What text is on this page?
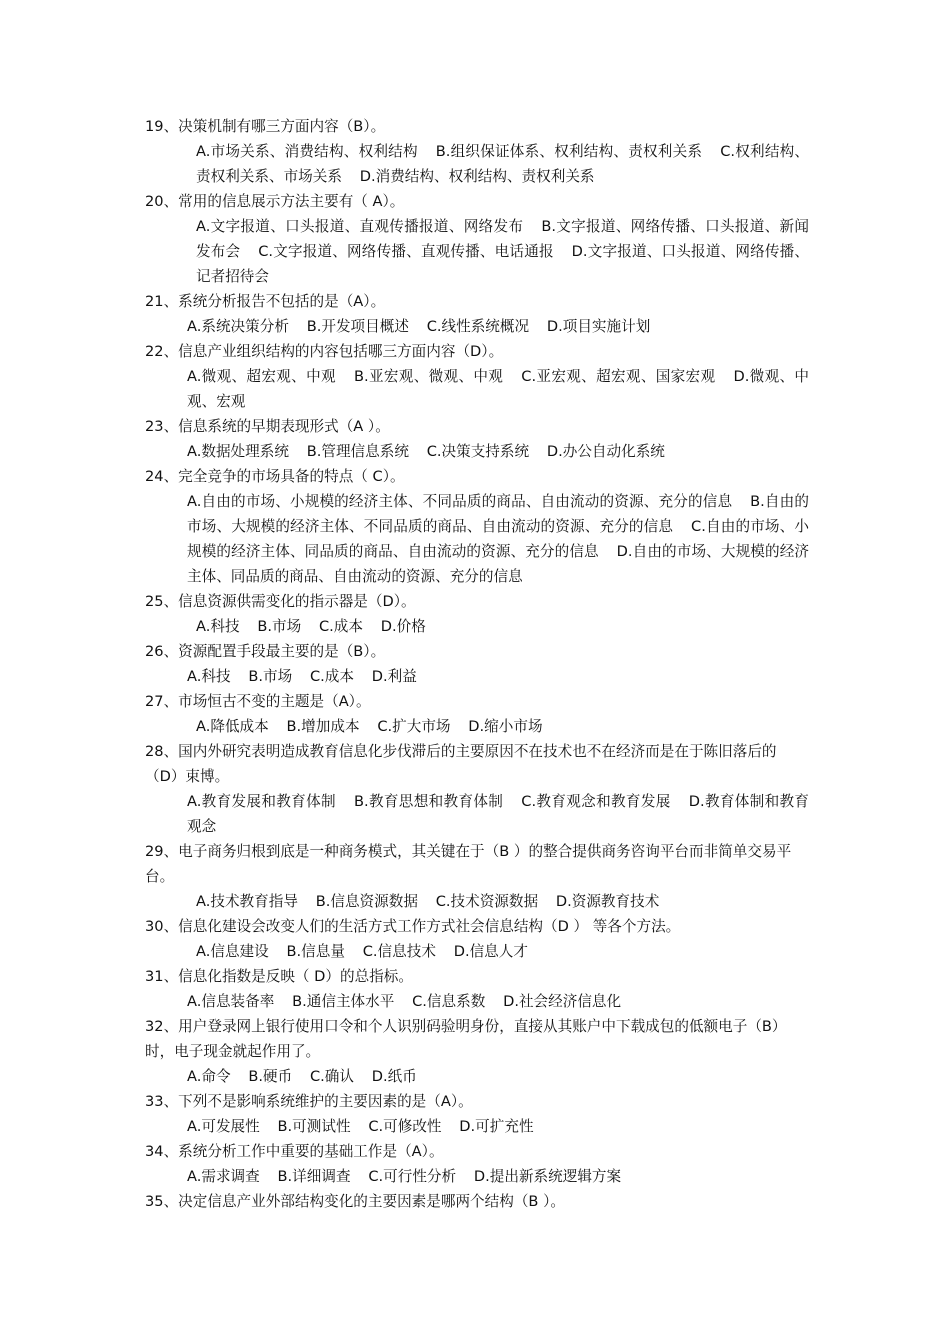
19、决策机制有哪三方面内容（B）。

A.市场关系、消费结构、权利结构 B.组织保证体系、权利结构、责权利关系 C.权利结构、责权利关系、市场关系 D.消费结构、权利结构、责权利关系

20、常用的信息展示方法主要有（ A）。

A.文字报道、口头报道、直观传播报道、网络发布 B.文字报道、网络传播、口头报道、新闻发布会 C.文字报道、网络传播、直观传播、电话通报 D.文字报道、口头报道、网络传播、记者招待会

21、系统分析报告不包括的是（A）。

A.系统决策分析 B.开发项目概述 C.线性系统概况 D.项目实施计划

22、信息产业组织结构的内容包括哪三方面内容（D）。

A.微观、超宏观、中观 B.亚宏观、微观、中观 C.亚宏观、超宏观、国家宏观 D.微观、中观、宏观

23、信息系统的早期表现形式（A ）。

A.数据处理系统 B.管理信息系统 C.决策支持系统 D.办公自动化系统

24、完全竞争的市场具备的特点（ C）。

A.自由的市场、小规模的经济主体、不同品质的商品、自由流动的资源、充分的信息 B.自由的市场、大规模的经济主体、不同品质的商品、自由流动的资源、充分的信息 C.自由的市场、小规模的经济主体、同品质的商品、自由流动的资源、充分的信息 D.自由的市场、大规模的经济主体、同品质的商品、自由流动的资源、充分的信息

25、信息资源供需变化的指示器是（D）。

A.科技 B.市场 C.成本 D.价格

26、资源配置手段最主要的是（B）。

A.科技 B.市场 C.成本 D.利益

27、市场恒古不变的主题是（A）。

A.降低成本 B.增加成本 C.扩大市场 D.缩小市场

28、国内外研究表明造成教育信息化步伐滞后的主要原因不在技术也不在经济而是在于陈旧落后的（D）束博。

A.教育发展和教育体制 B.教育思想和教育体制 C.教育观念和教育发展 D.教育体制和教育观念

29、电子商务归根到底是一种商务模式，其关键在于（B ）的整合提供商务咨询平台而非简单交易平台。

A.技术教育指导 B.信息资源数据 C.技术资源数据 D.资源教育技术

30、信息化建设会改变人们的生活方式工作方式社会信息结构（D ） 等各个方法。

A.信息建设 B.信息量 C.信息技术 D.信息人才

31、信息化指数是反映（ D）的总指标。

A.信息装备率 B.通信主体水平 C.信息系数 D.社会经济信息化

32、用户登录网上银行使用口令和个人识别码验明身份，直接从其账户中下载成包的低额电子（B）时，电子现金就起作用了。

A.命令 B.硬币 C.确认 D.纸币

33、下列不是影响系统维护的主要因素的是（A）。

A.可发展性 B.可测试性 C.可修改性 D.可扩充性

34、系统分析工作中重要的基础工作是（A）。

A.需求调查 B.详细调查 C.可行性分析 D.提出新系统逻辑方案

35、决定信息产业外部结构变化的主要因素是哪两个结构（B ）。
